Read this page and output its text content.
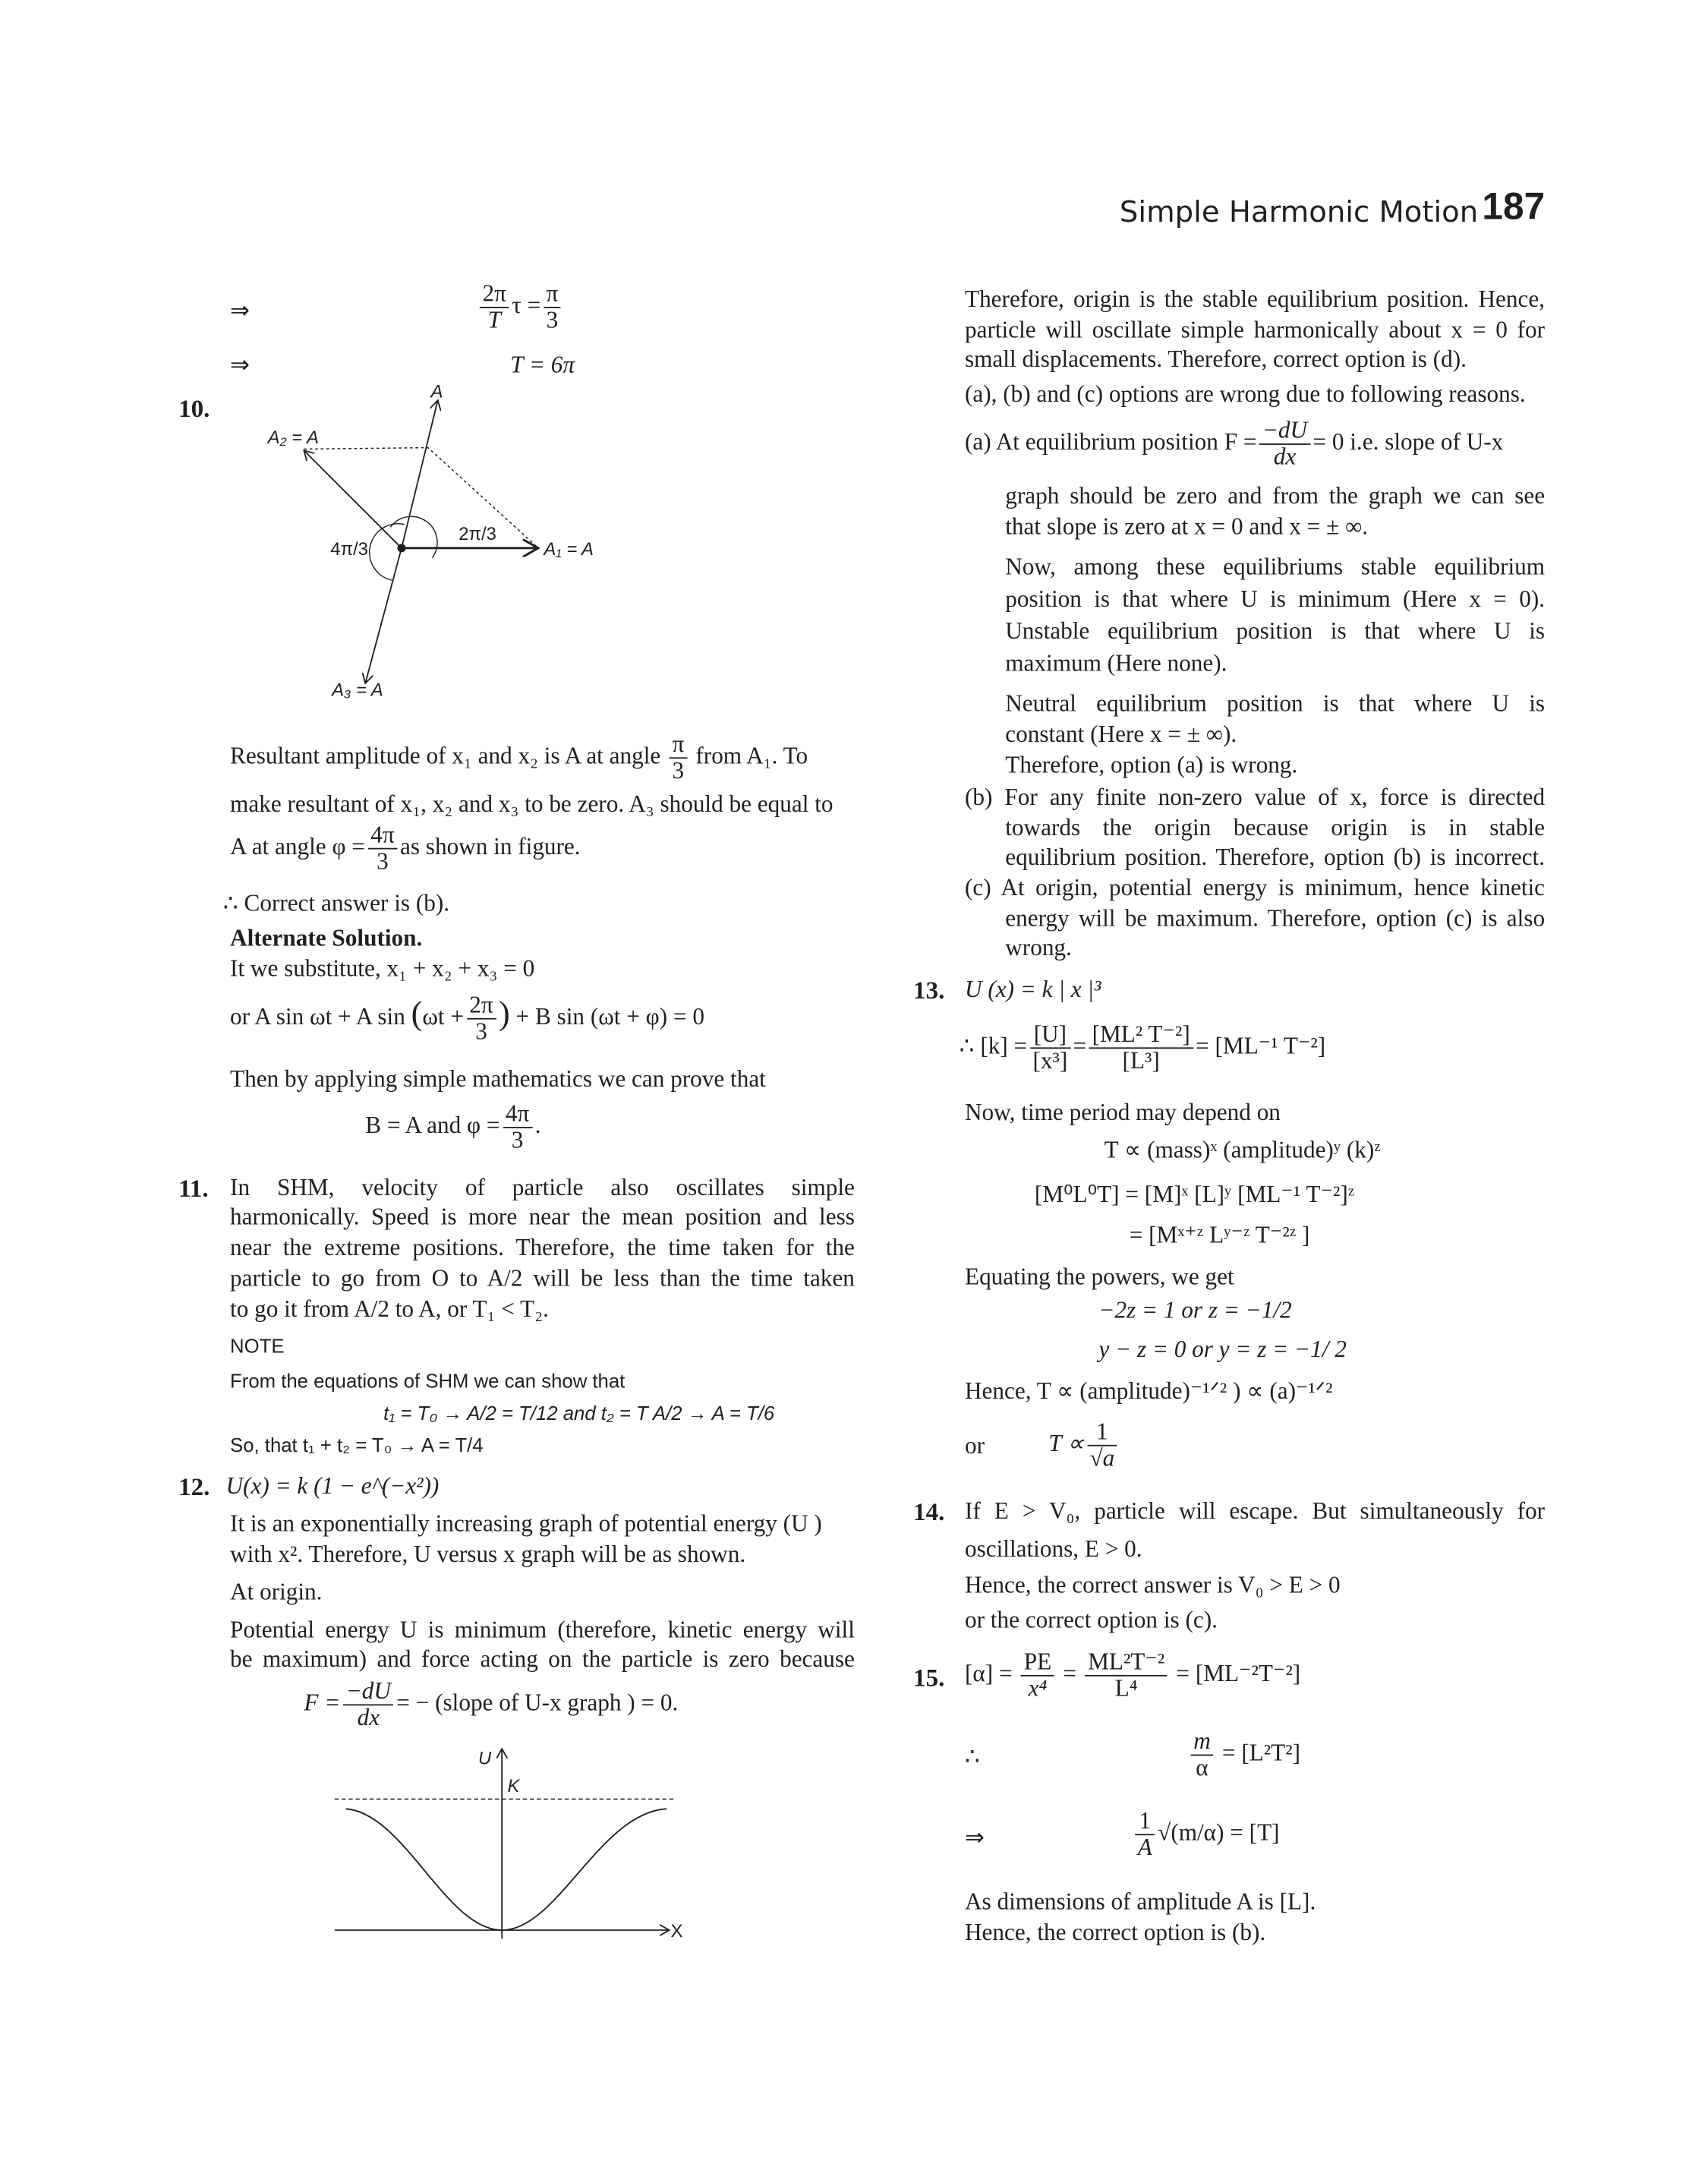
Simple Harmonic Motion 187
⇒	$\frac{2\pi}{T}$ $\tau = \frac{\pi}{3}$
⇒	T = 6π
10.
A
A₂ = A
A₁ = A
A₃ = A
2π/3
4π/3
Resultant amplitude of x₁ and x₂ is A at angle $\frac{\pi}{3}$ from A₁. To
make resultant of x₁, x₂ and x₃ to be zero. A₃ should be equal to
A at angle $\varphi = \frac{4\pi}{3}$ as shown in figure.
∴ Correct answer is (b).
Alternate Solution.
It we substitute, x₁ + x₂ + x₃ = 0
or A sin ωt + A $\sin (\omega t + \frac{2\pi}{3}$ ) + B sin (ωt + φ) = 0
Then by applying simple mathematics we can prove that
B = A and $\varphi = \frac{4\pi}{3}$ .
11. In SHM, velocity of particle also oscillates simple
harmonically. Speed is more near the mean position and less
near the extreme positions. Therefore, the time taken for the
particle to go from O to A/2 will be less than the time taken
to go it from A/2 to A, or T₁ < T₂.
NOTE
From the equations of SHM we can show that
t₁ = T₀ → A/2 = T/12 and t₂ = T A/2 → A = T/6
So, that t₁ + t₂ = T₀ → A = T/4
12. U(x) = k (1 − e^(−x²))
It is an exponentially increasing graph of potential energy (U )
with x². Therefore, U versus x graph will be as shown.
At origin.
Potential energy U is minimum (therefore, kinetic energy will
be maximum) and force acting on the particle is zero because
$F = \frac{-dU}{dx}$ = − (slope of U-x graph ) = 0.
U
K
X
Therefore, origin is the stable equilibrium position. Hence,
particle will oscillate simple harmonically about x = 0 for
small displacements. Therefore, correct option is (d).
(a), (b) and (c) options are wrong due to following reasons.
(a) At equilibrium position $F = \frac{-dU}{dx} = 0$ i.e. slope of U-x
graph should be zero and from the graph we can see
that slope is zero at x = 0 and x = ± ∞.
Now, among these equilibriums stable equilibrium
position is that where U is minimum (Here x = 0).
Unstable equilibrium position is that where U is
maximum (Here none).
Neutral equilibrium position is that where U is
constant (Here x = ± ∞).
Therefore, option (a) is wrong.
(b) For any finite non-zero value of x, force is directed
towards the origin because origin is in stable
equilibrium position. Therefore, option (b) is incorrect.
(c) At origin, potential energy is minimum, hence kinetic
energy will be maximum. Therefore, option (c) is also
wrong.
13. U (x) = k | x |³
∴ $[k] = \frac{[U]}{\text{[x³]}} = \frac{\text{[ML² T⁻²]}}{\text{[L³]}} = [ML^{-1}$ T⁻²]
Now, time period may depend on
T ∝ (mass)ˣ (amplitude)ʸ (k)ᶻ
[M⁰L⁰T] = [M]ˣ [L]ʸ [ML⁻¹ T⁻²]ᶻ
= [Mˣ⁺ᶻ Lʸ⁻ᶻ T⁻²ᶻ ]
Equating the powers, we get
−2z = 1 or z = −1/2
y − z = 0 or y = z = −1/ 2
Hence, T ∝ (amplitude)⁻¹ᐟ² ) ∝ (a)⁻¹ᐟ²
or	$T \propto \frac{1}{√a}$
14. If E > V₀, particle will escape. But simultaneously for
oscillations, E > 0.
Hence, the correct answer is V₀ > E > 0
or the correct option is (c).
15. $[\alpha] = \frac{PE}{\text{x⁴}} = \frac{\text{ML²T⁻²}}{\text{L⁴}} = [ML^{-2}T^{-2}]$
∴	$\frac{m}{\alpha} = [L^2T^2]$
⇒	$\frac{1}{A} √(m/\alpha) = [T]$
As dimensions of amplitude A is [L].
Hence, the correct option is (b).
